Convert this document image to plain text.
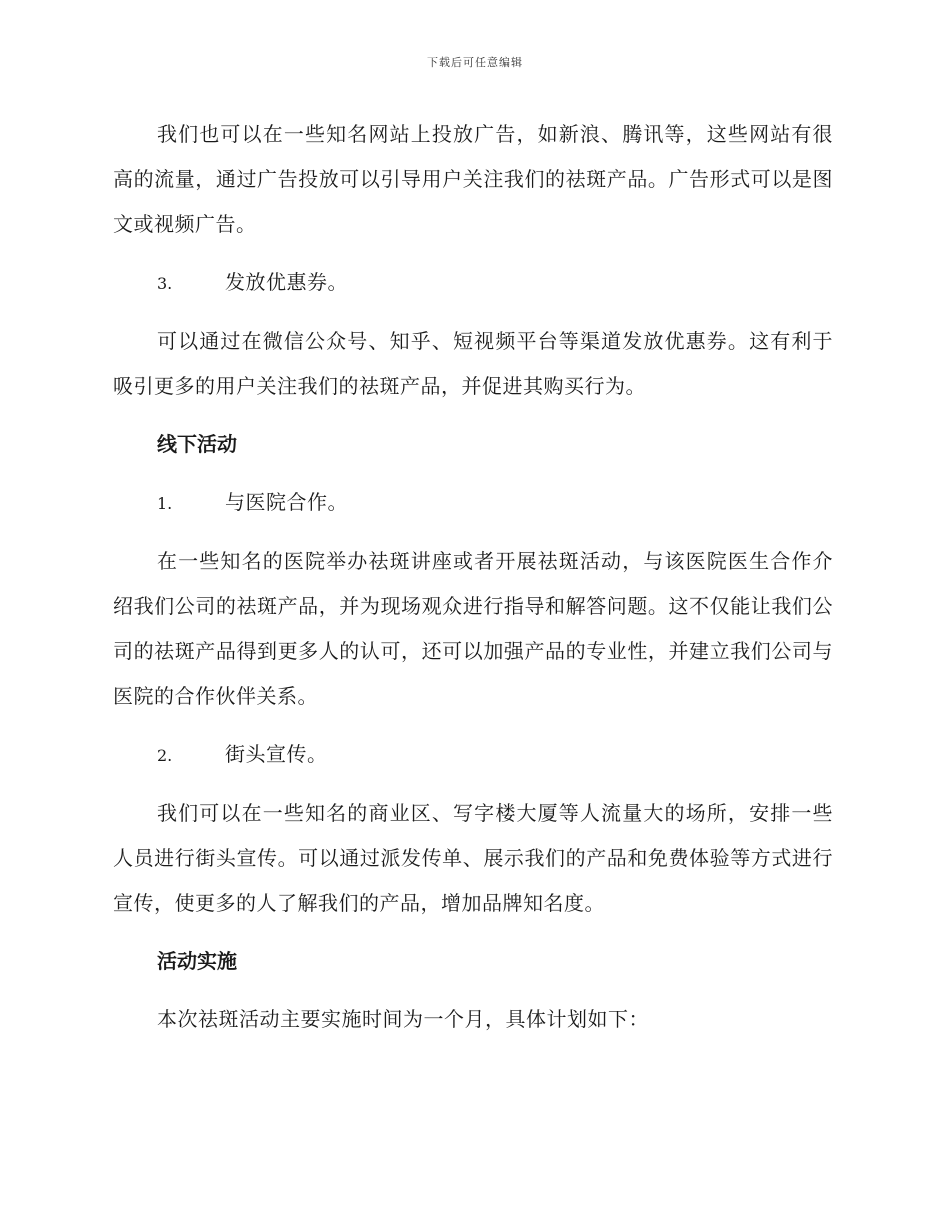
下载后可任意编辑

我们也可以在一些知名网站上投放广告，如新浪、腾讯等，这些网站有很高的流量，通过广告投放可以引导用户关注我们的祛斑产品。广告形式可以是图文或视频广告。

3.	发放优惠券。

可以通过在微信公众号、知乎、短视频平台等渠道发放优惠券。这有利于吸引更多的用户关注我们的祛斑产品，并促进其购买行为。

线下活动
1.	与医院合作。

在一些知名的医院举办祛斑讲座或者开展祛斑活动，与该医院医生合作介绍我们公司的祛斑产品，并为现场观众进行指导和解答问题。这不仅能让我们公司的祛斑产品得到更多人的认可，还可以加强产品的专业性，并建立我们公司与医院的合作伙伴关系。

2.	街头宣传。

我们可以在一些知名的商业区、写字楼大厦等人流量大的场所，安排一些人员进行街头宣传。可以通过派发传单、展示我们的产品和免费体验等方式进行宣传，使更多的人了解我们的产品，增加品牌知名度。

活动实施

本次祛斑活动主要实施时间为一个月，具体计划如下：
